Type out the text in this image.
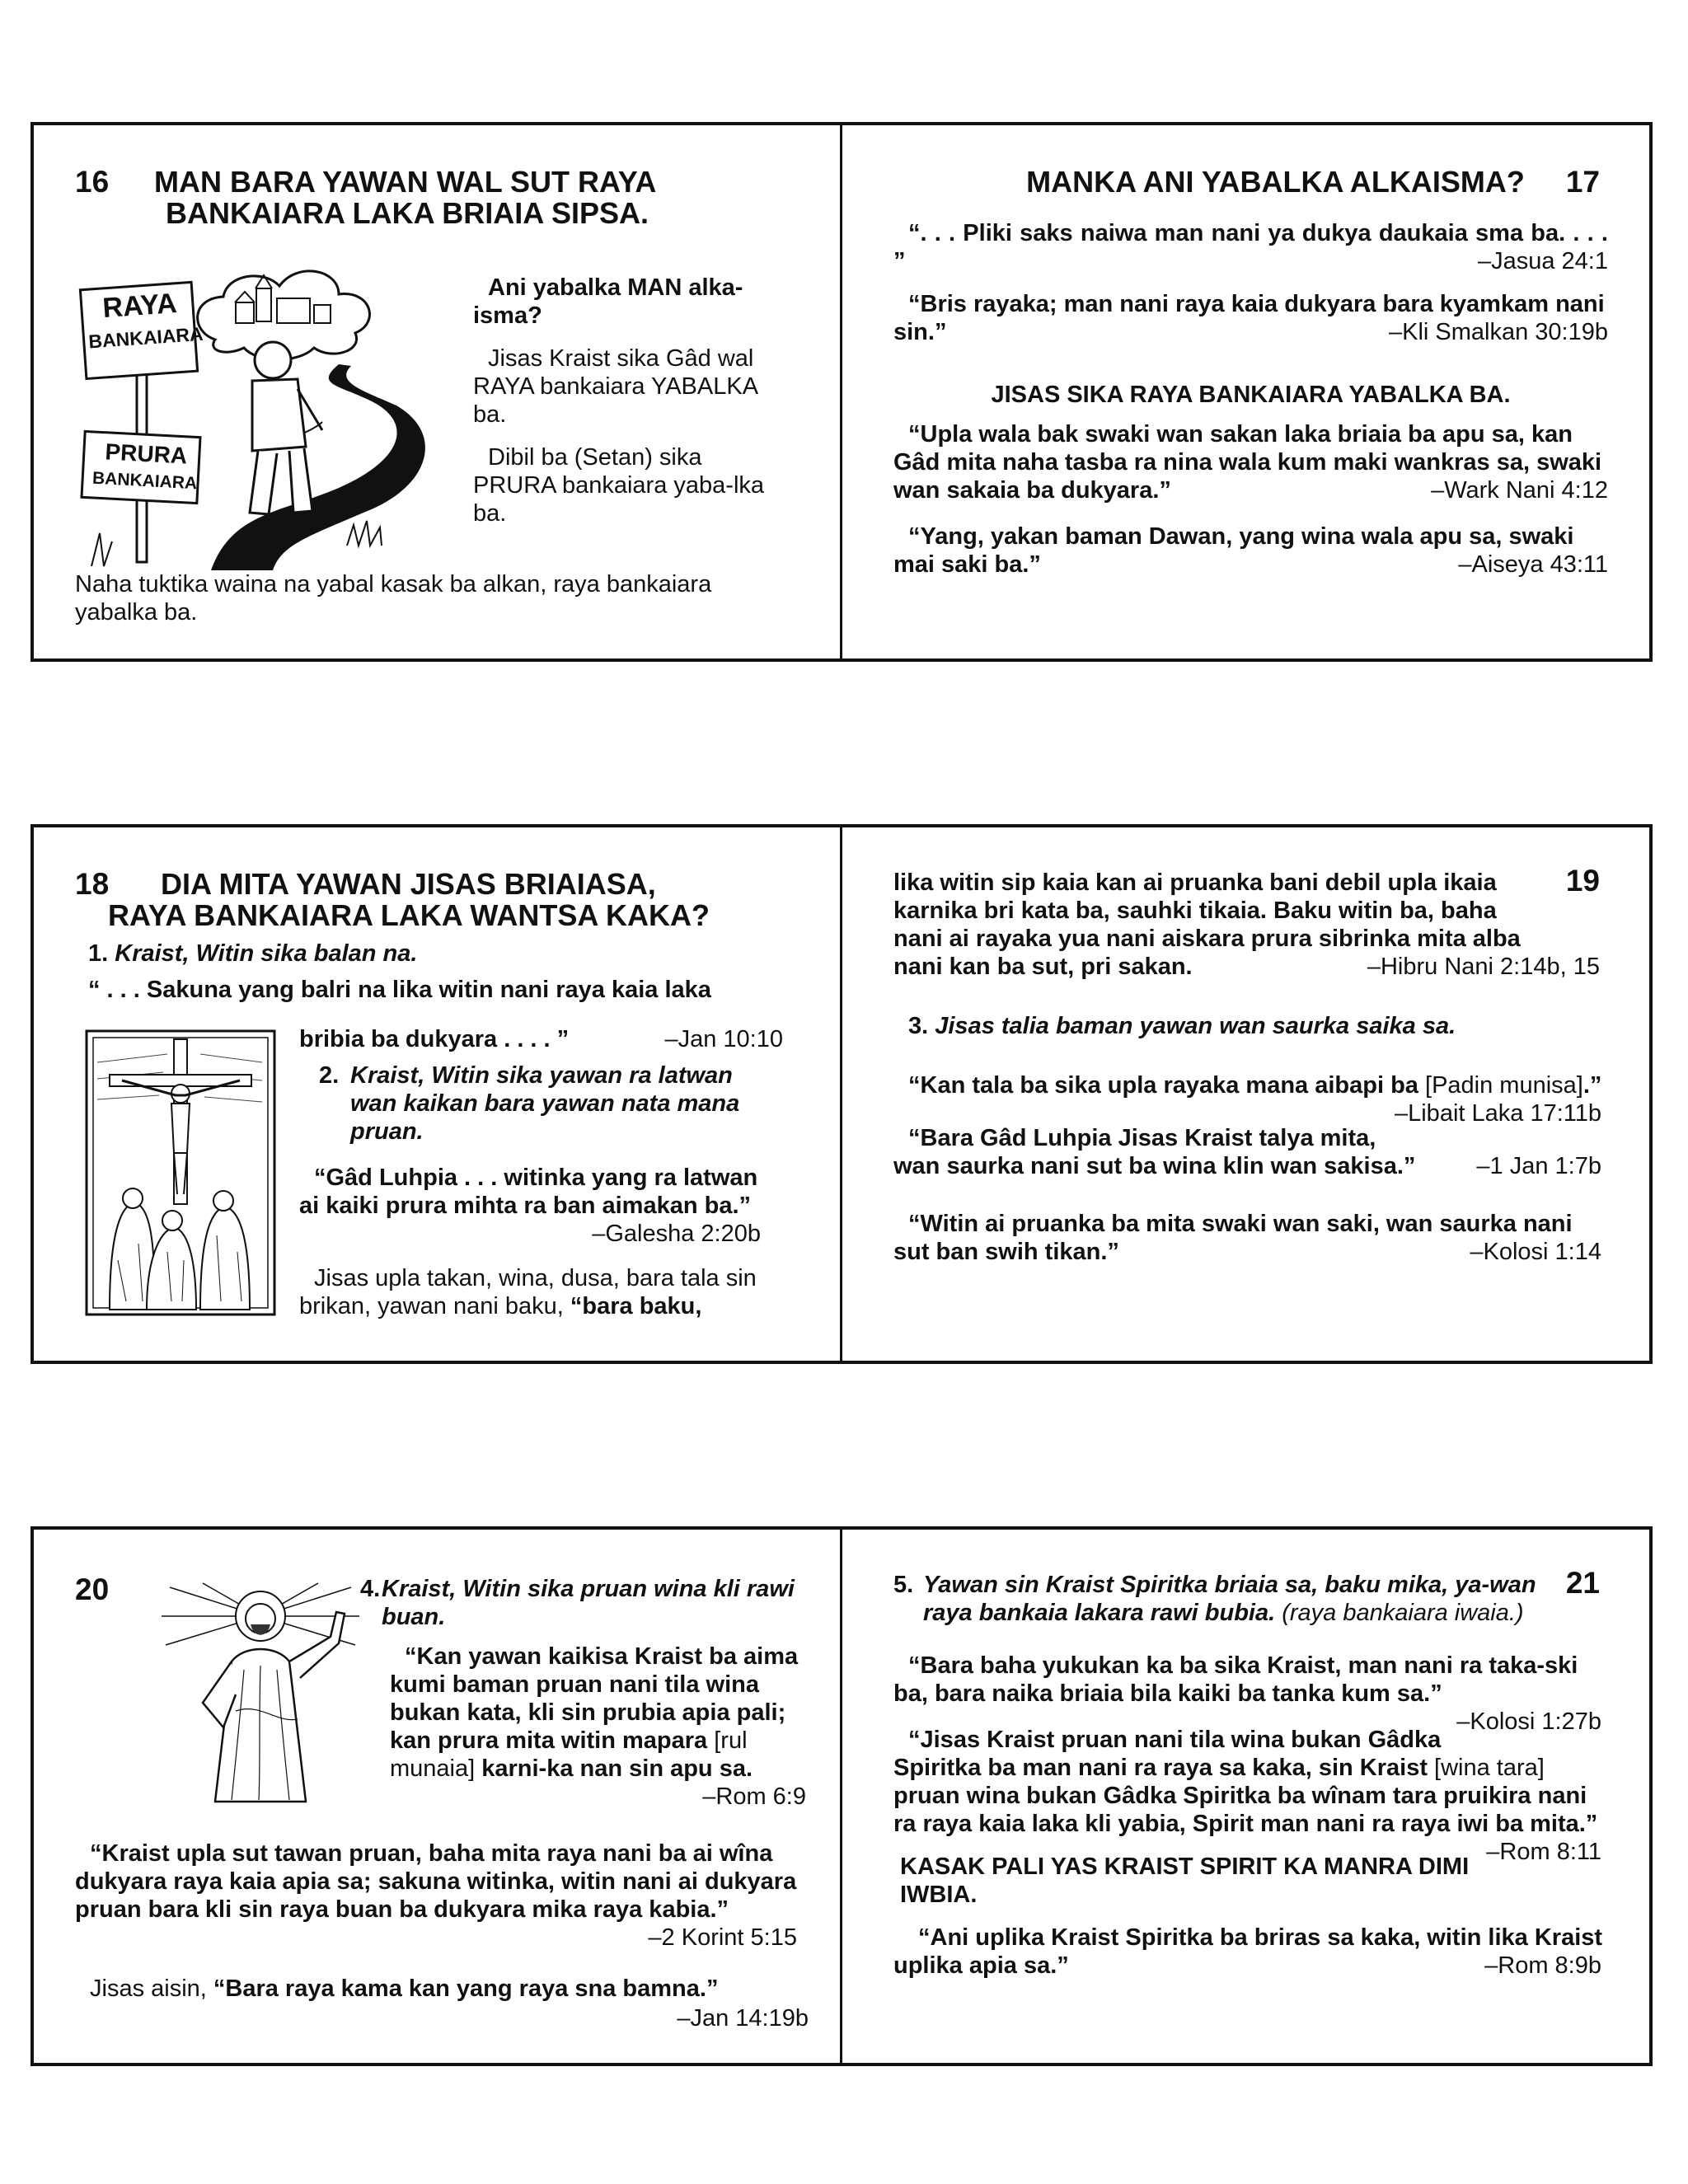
16	MAN BARA YAWAN WAL SUT RAYA
BANKAIARA LAKA BRIAIA SIPSA.
RAYA
BANKAIARA
PRURA
BANKAIARA

Ani yabalka MAN alka-isma?

Jisas Kraist sika Gâd wal RAYA bankaiara YABALKA ba.

Dibil ba (Setan) sika PRURA bankaiara yaba-lka ba.

Naha tuktika waina na yabal kasak ba alkan, raya bankaiara yabalka ba.

MANKA ANI YABALKA ALKAISMA? 17
“. . . Pliki saks naiwa man nani ya dukya daukaia sma ba. . . . ”	–Jasua 24:1
“Bris rayaka; man nani raya kaia dukyara bara kyamkam nani sin.”	–Kli Smalkan 30:19b
JISAS SIKA RAYA BANKAIARA YABALKA BA.
“Upla wala bak swaki wan sakan laka briaia ba apu sa, kan Gâd mita naha tasba ra nina wala kum maki wankras sa, swaki wan sakaia ba dukyara.”	–Wark Nani 4:12
“Yang, yakan baman Dawan, yang wina wala apu sa, swaki mai saki ba.”	–Aiseya 43:11
18	DIA MITA YAWAN JISAS BRIAIASA,
RAYA BANKAIARA LAKA WANTSA KAKA?
1. Kraist, Witin sika balan na.
“ . . . Sakuna yang balri na lika witin nani raya kaia laka
bribia ba dukyara . . . . ”	–Jan 10:10
2. Kraist, Witin sika yawan ra latwan wan kaikan bara yawan nata mana pruan.
“Gâd Luhpia . . . witinka yang ra latwan ai kaiki prura mihta ra ban aimakan ba.”
–Galesha 2:20b
Jisas upla takan, wina, dusa, bara tala sin brikan, yawan nani baku, “bara baku,
19
lika witin sip kaia kan ai pruanka bani debil upla ikaia karnika bri kata ba, sauhki tikaia. Baku witin ba, baha nani ai rayaka yua nani aiskara prura sibrinka mita alba nani kan ba sut, pri sakan.	–Hibru Nani 2:14b, 15
3. Jisas talia baman yawan wan saurka saika sa.
“Kan tala ba sika upla rayaka mana aibapi ba [Padin munisa].”
–Libait Laka 17:11b
“Bara Gâd Luhpia Jisas Kraist talya mita, wan saurka nani sut ba wina klin wan sakisa.”	–1 Jan 1:7b
“Witin ai pruanka ba mita swaki wan saki, wan saurka nani sut ban swih tikan.”	–Kolosi 1:14
20	4. Kraist, Witin sika pruan wina kli rawi buan.
“Kan yawan kaikisa Kraist ba aima kumi baman pruan nani tila wina bukan kata, kli sin prubia apia pali; kan prura mita witin mapara [rul munaia] karni-ka nan sin apu sa.
–Rom 6:9
“Kraist upla sut tawan pruan, baha mita raya nani ba ai wîna dukyara raya kaia apia sa; sakuna witinka, witin nani ai dukyara pruan bara kli sin raya buan ba dukyara mika raya kabia.”
–2 Korint 5:15
Jisas aisin, “Bara raya kama kan yang raya sna bamna.”
–Jan 14:19b
21
5. Yawan sin Kraist Spiritka briaia sa, baku mika, ya-wan raya bankaia lakara rawi bubia. (raya bankaiara iwaia.)
“Bara baha yukukan ka ba sika Kraist, man nani ra taka-ski ba, bara naika briaia bila kaiki ba tanka kum sa.”
–Kolosi 1:27b
“Jisas Kraist pruan nani tila wina bukan Gâdka Spiritka ba man nani ra raya sa kaka, sin Kraist [wina tara] pruan wina bukan Gâdka Spiritka ba wînam tara pruikira nani ra raya kaia laka kli yabia, Spirit man nani ra raya iwi ba mita.”
–Rom 8:11
KASAK PALI YAS KRAIST SPIRIT KA MANRA DIMI IWBIA.
“Ani uplika Kraist Spiritka ba briras sa kaka, witin lika Kraist uplika apia sa.”	–Rom 8:9b
